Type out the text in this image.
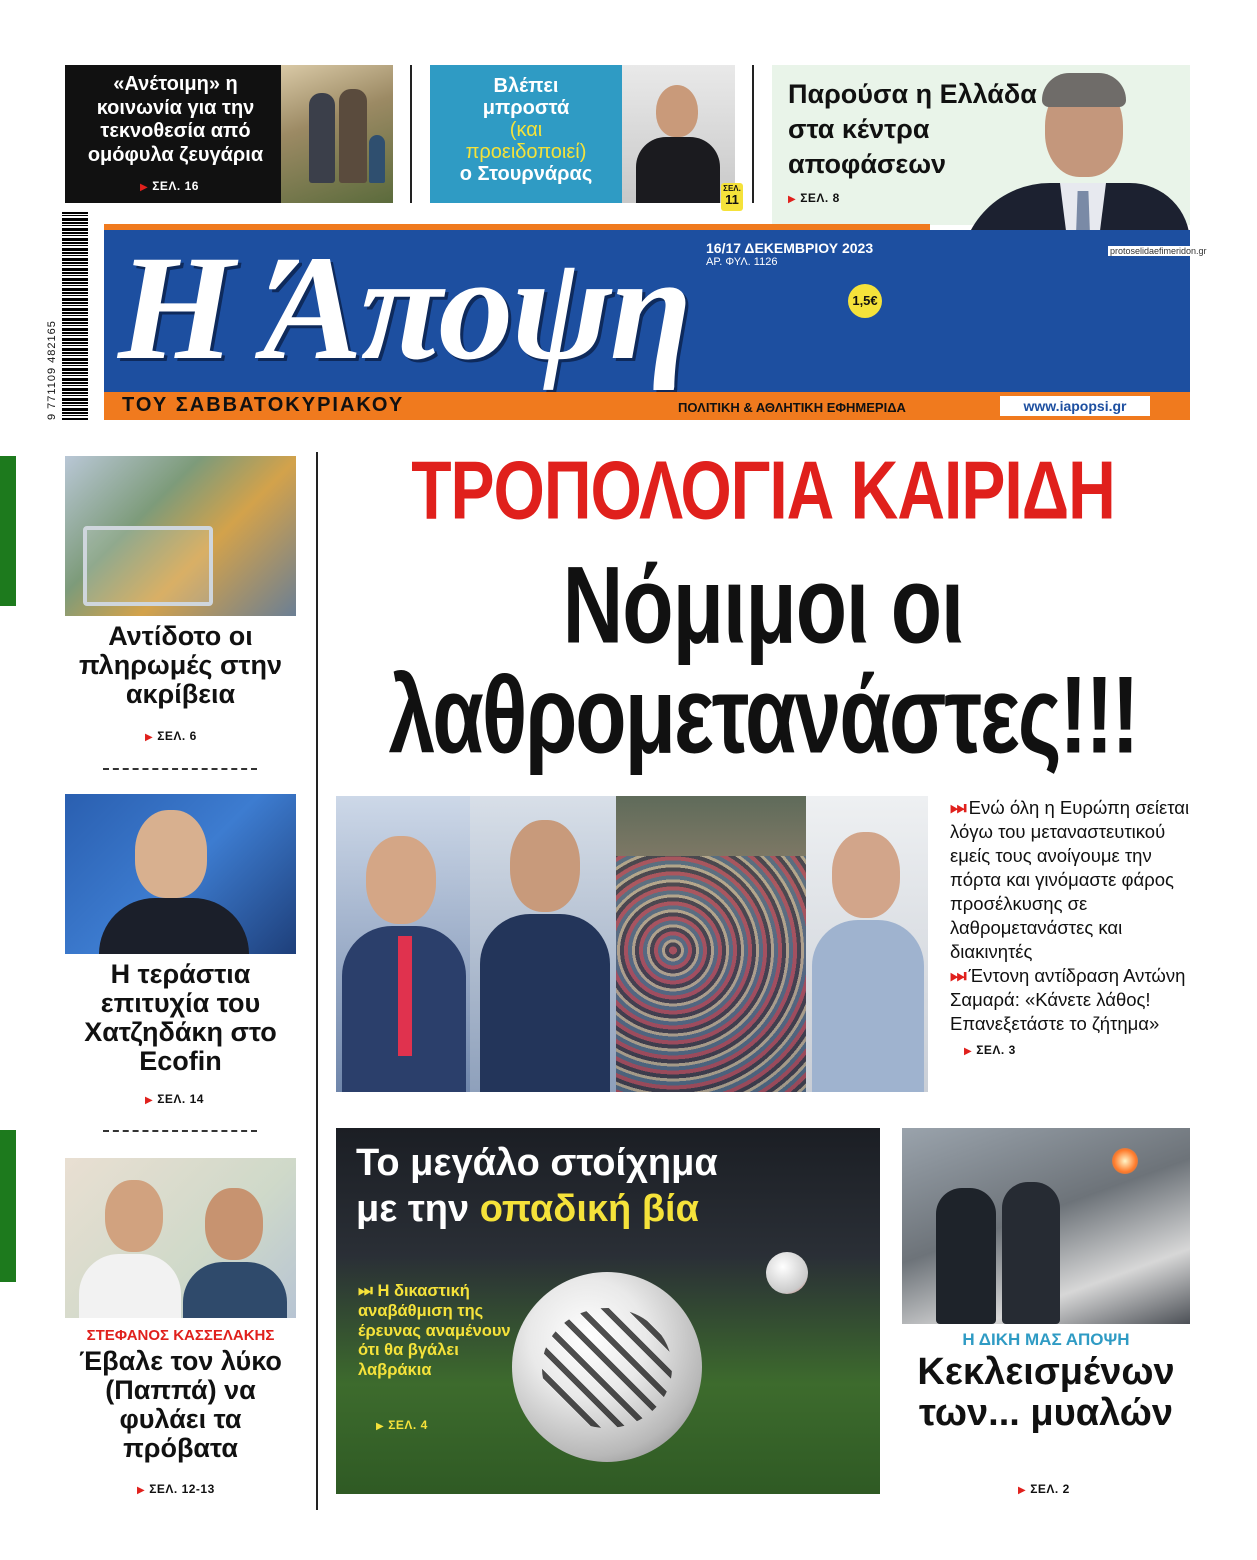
«Ανέτοιμη» η κοινωνία για την τεκνοθεσία από ομόφυλα ζευγάρια
▶ ΣΕΛ. 16
Βλέπει
μπροστά
(και
προειδοποιεί)
ο Στουρνάρας
ΣΕΛ.
11
Παρούσα η Ελλάδα στα κέντρα αποφάσεων
▶ ΣΕΛ. 8
9 771109 482165 Η Άποψη	16/17 ΔΕΚΕΜΒΡΙΟΥ 2023
ΑΡ. ΦΥΛ. 1126
1,5€
protoselidaefimeridon.gr
ΤΟΥ ΣΑΒΒΑΤΟΚΥΡΙΑΚΟΥ	ΠΟΛΙΤΙΚΗ & ΑΘΛΗΤΙΚΗ ΕΦΗΜΕΡΙΔΑ	www.iapopsi.gr
Αντίδοτο οι πληρωμές στην ακρίβεια
▶ ΣΕΛ. 6
Η τεράστια επιτυχία του Χατζηδάκη στο Ecofin
▶ ΣΕΛ. 14
ΣΤΕΦΑΝΟΣ ΚΑΣΣΕΛΑΚΗΣ
Έβαλε τον λύκο (Παππά) να φυλάει τα πρόβατα
▶ ΣΕΛ. 12-13
ΤΡΟΠΟΛΟΓΙΑ ΚΑΙΡΙΔΗ
Νόμιμοι οι
λαθρομετανάστες!!!

⏭ Ενώ όλη η Ευρώπη σείεται λόγω του μεταναστευτικού εμείς τους ανοίγουμε την πόρτα και γινόμαστε φάρος προσέλκυσης σε λαθρομετανάστες και διακινητές

⏭ Έντονη αντίδραση Αντώνη Σαμαρά: «Κάνετε λάθος! Επανεξετάστε το ζήτημα» ▶ ΣΕΛ. 3

Το μεγάλο στοίχημα
με την οπαδική βία
⏭ Η δικαστική αναβάθμιση της έρευνας αναμένουν ότι θα βγάλει λαβράκια
▶ ΣΕΛ. 4
Η ΔΙΚΗ ΜΑΣ ΑΠΟΨΗ
Κεκλεισμένων των... μυαλών
▶ ΣΕΛ. 2
